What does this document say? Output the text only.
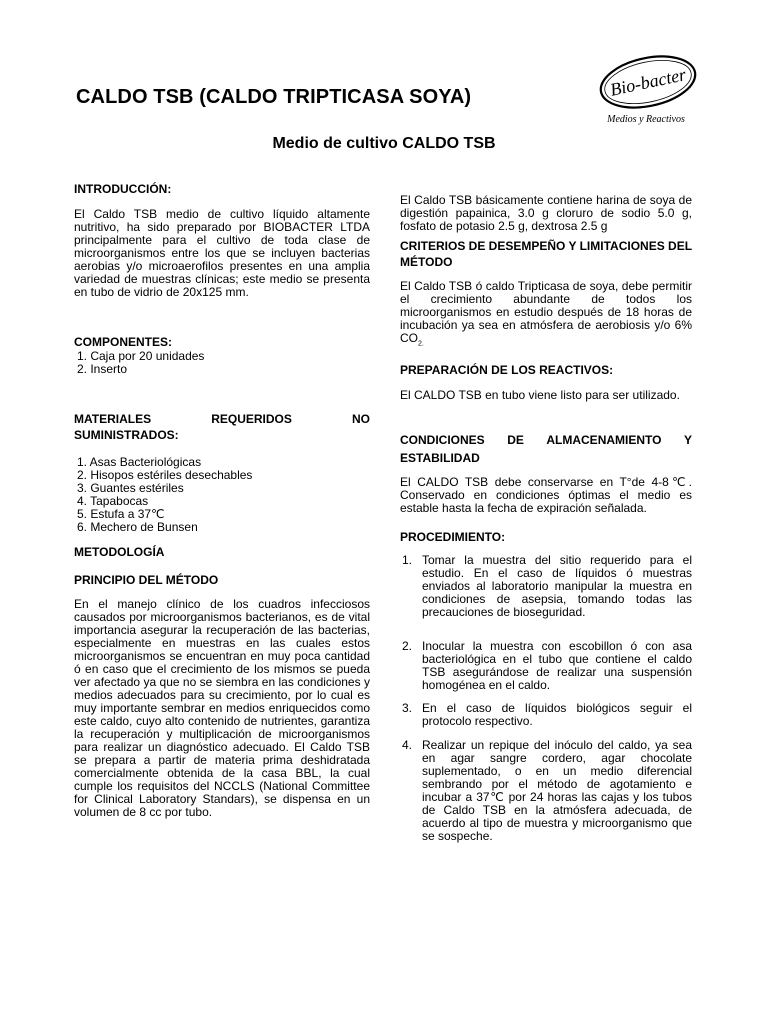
CALDO TSB (CALDO TRIPTICASA SOYA)	Bio-bacter
Medios y Reactivos
Medio de cultivo CALDO TSB

INTRODUCCIÓN:

El Caldo TSB medio de cultivo líquido altamente nutritivo, ha sido preparado por BIOBACTER LTDA principalmente para el cultivo de toda clase de microorganismos entre los que se incluyen bacterias aerobias y/o microaerofilos presentes en una amplia variedad de muestras clínicas; este medio se presenta en tubo de vidrio de 20x125 mm.

COMPONENTES:

1. Caja por 20 unidades
2. Inserto
MATERIALES	REQUERIDOS	NO

SUMINISTRADOS:

1. Asas Bacteriológicas
2. Hisopos estériles desechables
3. Guantes estériles
4. Tapabocas
5. Estufa a 37℃
6. Mechero de Bunsen

METODOLOGÍA

PRINCIPIO DEL MÉTODO

En el manejo clínico de los cuadros infecciosos causados por microorganismos bacterianos, es de vital importancia asegurar la recuperación de las bacterias, especialmente en muestras en las cuales estos microorganismos se encuentran en muy poca cantidad ó en caso que el crecimiento de los mismos se pueda ver afectado ya que no se siembra en las condiciones y medios adecuados para su crecimiento, por lo cual es muy importante sembrar en medios enriquecidos como este caldo, cuyo alto contenido de nutrientes, garantiza la recuperación y multiplicación de microorganismos para realizar un diagnóstico adecuado. El Caldo TSB se prepara a partir de materia prima deshidratada comercialmente obtenida de la casa BBL, la cual cumple los requisitos del NCCLS (National Committee for Clinical Laboratory Standars), se dispensa en un volumen de 8 cc por tubo.

El Caldo TSB básicamente contiene harina de soya de digestión papainica, 3.0 g cloruro de sodio 5.0 g, fosfato de potasio 2.5 g, dextrosa 2.5 g

CRITERIOS DE DESEMPEÑO Y LIMITACIONES DEL MÉTODO

El Caldo TSB ó caldo Tripticasa de soya, debe permitir el crecimiento abundante de todos los microorganismos en estudio después de 18 horas de incubación ya sea en atmósfera de aerobiosis y/o 6% $CO_{2.}$

PREPARACIÓN DE LOS REACTIVOS:

El CALDO TSB en tubo viene listo para ser utilizado.

CONDICIONES DE ALMACENAMIENTO Y

ESTABILIDAD

El CALDO TSB debe conservarse en T°de 4-8℃. Conservado en condiciones óptimas el medio es estable hasta la fecha de expiración señalada.

PROCEDIMIENTO:

1. Tomar la muestra del sitio requerido para el estudio. En el caso de líquidos ó muestras enviados al laboratorio manipular la muestra en condiciones de asepsia, tomando todas las precauciones de bioseguridad.
2. Inocular la muestra con escobillon ó con asa bacteriológica en el tubo que contiene el caldo TSB asegurándose de realizar una suspensión homogénea en el caldo.
3. En el caso de líquidos biológicos seguir el protocolo respectivo.
4. Realizar un repique del inóculo del caldo, ya sea en agar sangre cordero, agar chocolate suplementado, o en un medio diferencial sembrando por el método de agotamiento e incubar a 37℃ por 24 horas las cajas y los tubos de Caldo TSB en la atmósfera adecuada, de acuerdo al tipo de muestra y microorganismo que se sospeche.
